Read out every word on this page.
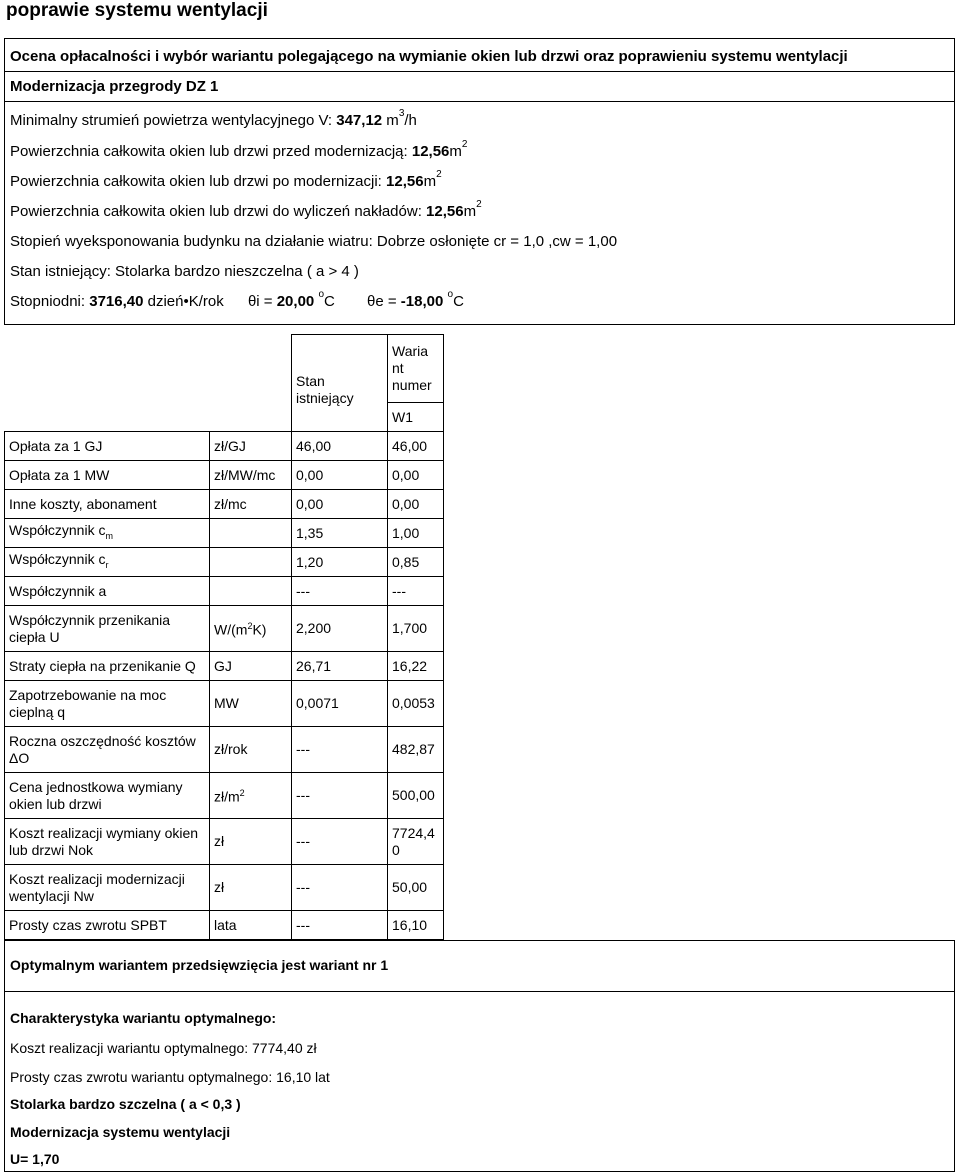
poprawie systemu wentylacji
Ocena opłacalności i wybór wariantu polegającego na wymianie okien lub drzwi oraz poprawieniu systemu wentylacji
Modernizacja przegrody DZ 1
Minimalny strumień powietrza wentylacyjnego V: 347,12 $m^3/h$
Powierzchnia całkowita okien lub drzwi przed modernizacją: $12,56m^2$
Powierzchnia całkowita okien lub drzwi po modernizacji: $12,56m^2$
Powierzchnia całkowita okien lub drzwi do wyliczeń nakładów: $12,56m^2$
Stopień wyeksponowania budynku na działanie wiatru: Dobrze osłonięte cr = 1,0 ,cw = 1,00
Stan istniejący: Stolarka bardzo nieszczelna ( a > 4 )
Stopniodni: 3716,40 dzień•K/rok θi = 20,00 $^o$C θe = -18,00 $^o$C
		Stan istniejący	Waria nt numer
			W1
Opłata za 1 GJ	zł/GJ	46,00	46,00
Opłata za 1 MW	zł/MW/mc	0,00	0,00
Inne koszty, abonament	zł/mc	0,00	0,00
Współczynnik $c_m$		1,35	1,00
Współczynnik $c_r$		1,20	0,85
Współczynnik a		---	---
Współczynnik przenikania ciepła U	$W/(m^2K)$	2,200	1,700
Straty ciepła na przenikanie Q	GJ	26,71	16,22
Zapotrzebowanie na moc cieplną q	MW	0,0071	0,0053
Roczna oszczędność kosztów ΔO	zł/rok	---	482,87
Cena jednostkowa wymiany okien lub drzwi	$zł/m^2$	---	500,00
Koszt realizacji wymiany okien lub drzwi Nok	zł	---	7724,40
Koszt realizacji modernizacji wentylacji Nw	zł	---	50,00
Prosty czas zwrotu SPBT	lata	---	16,10
Optymalnym wariantem przedsięwzięcia jest wariant nr 1
Charakterystyka wariantu optymalnego:
Koszt realizacji wariantu optymalnego: 7774,40 zł
Prosty czas zwrotu wariantu optymalnego: 16,10 lat
Stolarka bardzo szczelna ( a < 0,3 )
Modernizacja systemu wentylacji
U= 1,70
